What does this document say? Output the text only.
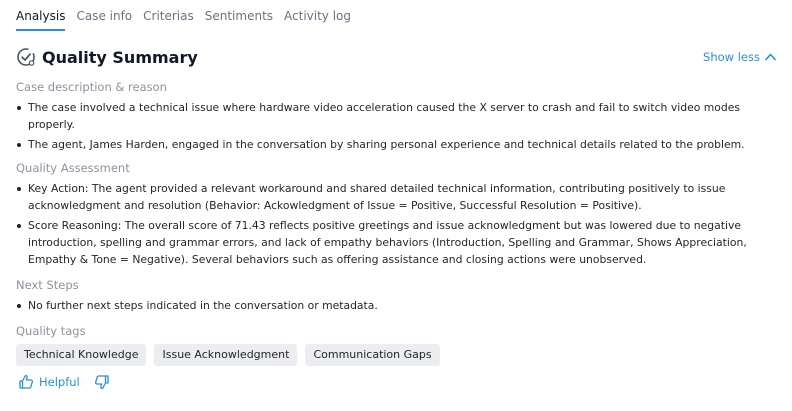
Analysis Case info Criterias Sentiments Activity log
Quality Summary	Show less
Case description & reason
The case involved a technical issue where hardware video acceleration caused the X server to crash and fail to switch video modes properly.
The agent, James Harden, engaged in the conversation by sharing personal experience and technical details related to the problem.
Quality Assessment
Key Action: The agent provided a relevant workaround and shared detailed technical information, contributing positively to issue acknowledgment and resolution (Behavior: Ackowledgment of Issue = Positive, Successful Resolution = Positive).
Score Reasoning: The overall score of 71.43 reflects positive greetings and issue acknowledgment but was lowered due to negative introduction, spelling and grammar errors, and lack of empathy behaviors (Introduction, Spelling and Grammar, Shows Appreciation, Empathy & Tone = Negative). Several behaviors such as offering assistance and closing actions were unobserved.
Next Steps
No further next steps indicated in the conversation or metadata.
Quality tags
Technical Knowledge	Issue Acknowledgment	Communication Gaps
Helpful
